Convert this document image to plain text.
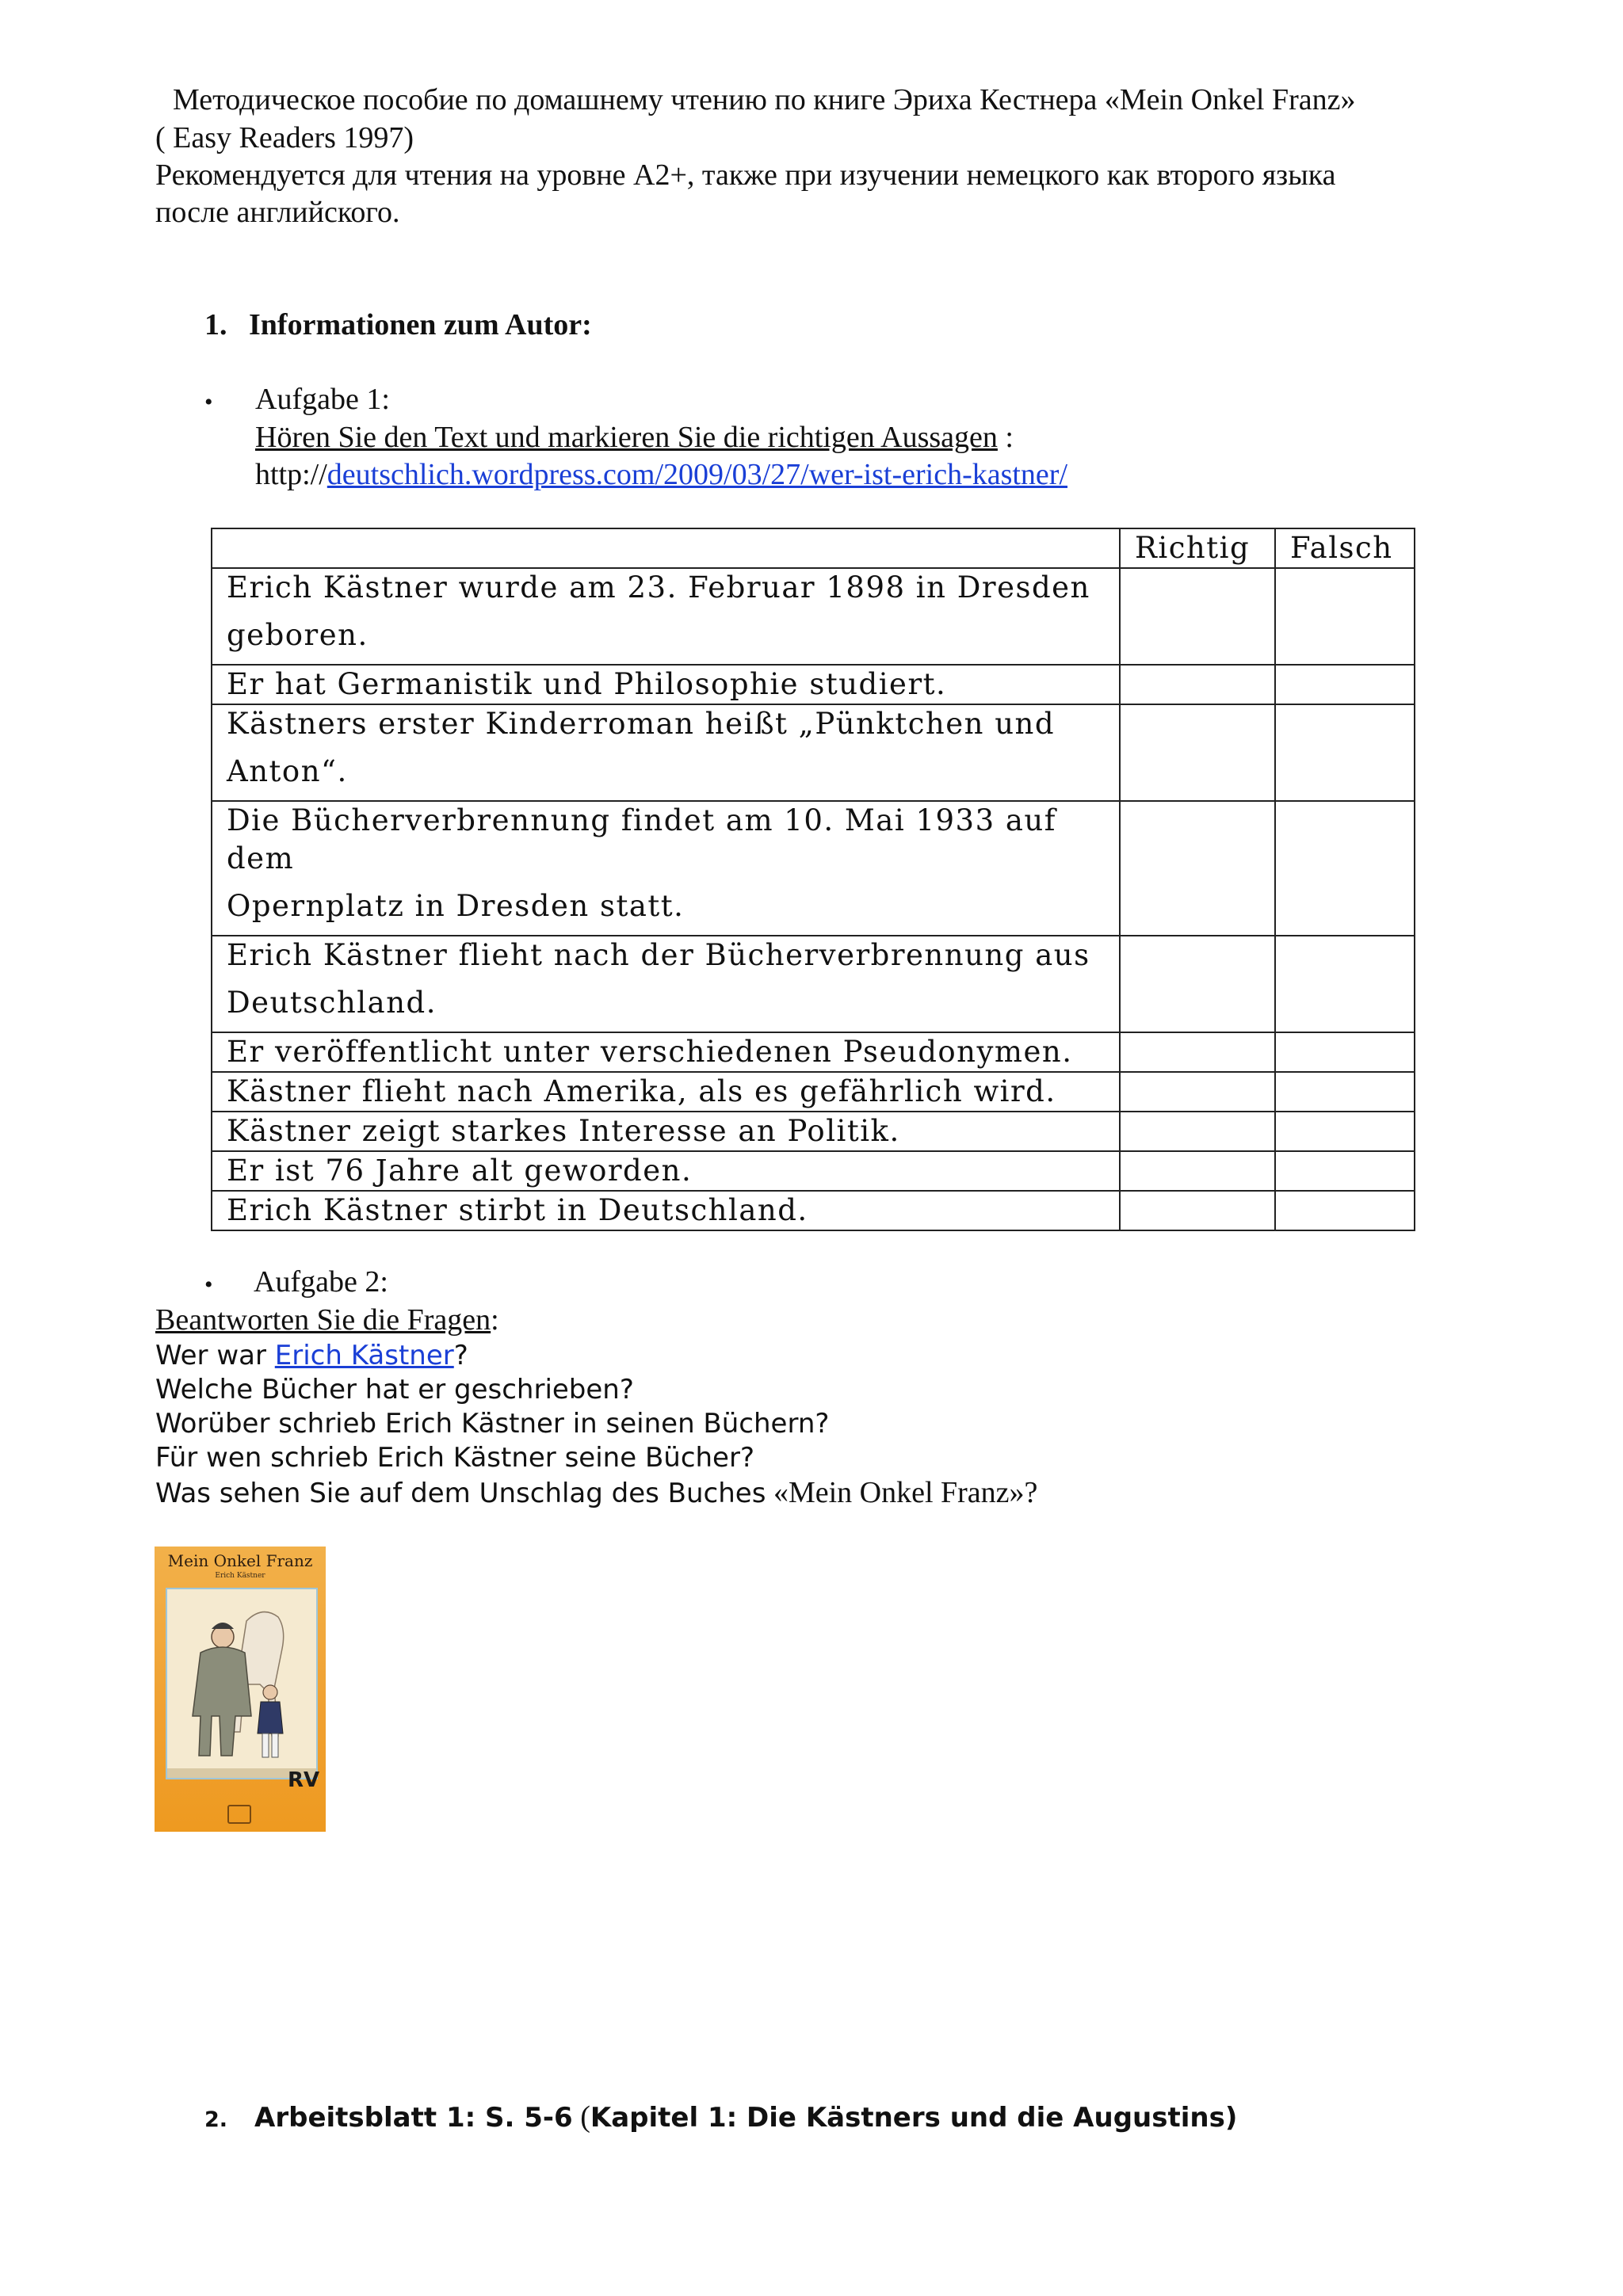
Методическое пособие по домашнему чтению по книге Эриха Кестнера «Mein Onkel Franz»
( Easy Readers 1997)
Рекомендуется для чтения на уровне А2+, также при изучении немецкого как второго языка
после английского.
1. Informationen zum Autor:
• Aufgabe 1:
Hören Sie den Text und markieren Sie die richtigen Aussagen :
http://deutschlich.wordpress.com/2009/03/27/wer-ist-erich-kastner/
	Richtig	Falsch

Erich Kästner wurde am 23. Februar 1898 in Dresden
geboren.		

Er hat Germanistik und Philosophie studiert.		

Kästners erster Kinderroman heißt „Pünktchen und
Anton“.		

Die Bücherverbrennung findet am 10. Mai 1933 auf dem
Opernplatz in Dresden statt.		

Erich Kästner flieht nach der Bücherverbrennung aus
Deutschland.		

Er veröffentlicht unter verschiedenen Pseudonymen.		
Kästner flieht nach Amerika, als es gefährlich wird.		
Kästner zeigt starkes Interesse an Politik.		
Er ist 76 Jahre alt geworden.		
Erich Kästner stirbt in Deutschland.		
• Aufgabe 2:
Beantworten Sie die Fragen:
Wer war Erich Kästner?
Welche Bücher hat er geschrieben?
Worüber schrieb Erich Kästner in seinen Büchern?
Für wen schrieb Erich Kästner seine Bücher?
Was sehen Sie auf dem Unschlag des Buches «Mein Onkel Franz»?
Mein Onkel Franz
Erich Kästner
RV
2. Arbeitsblatt 1: S. 5-6 (Kapitel 1: Die Kästners und die Augustins)
